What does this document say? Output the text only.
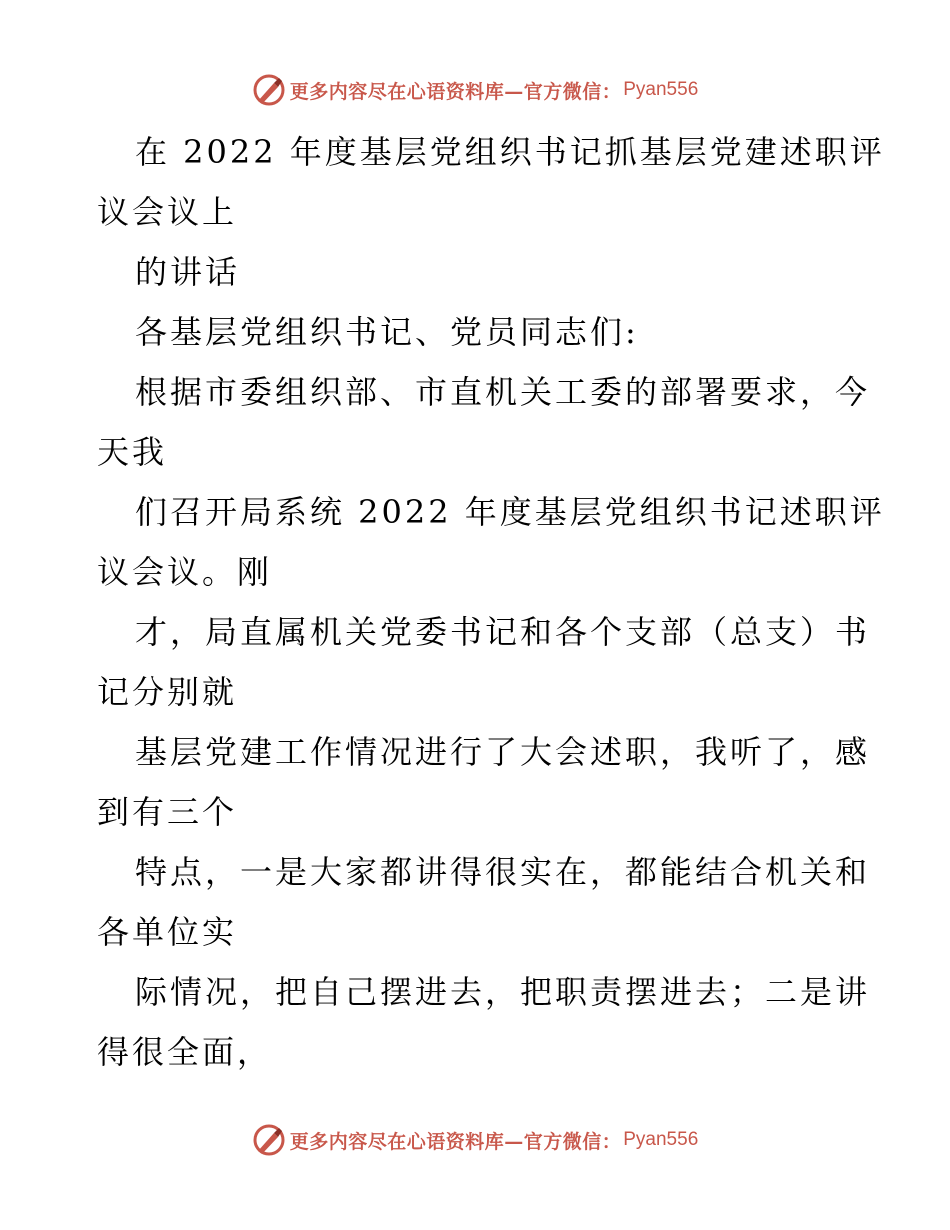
更多内容尽在心语资料库—官方微信： Pyan556
在 2022 年度基层党组织书记抓基层党建述职评
议会议上
的讲话
各基层党组织书记、党员同志们:
根据市委组织部、市直机关工委的部署要求，今
天我
们召开局系统 2022 年度基层党组织书记述职评
议会议。刚
才，局直属机关党委书记和各个支部（总支）书
记分别就
基层党建工作情况进行了大会述职，我听了，感
到有三个
特点，一是大家都讲得很实在，都能结合机关和
各单位实
际情况，把自己摆进去，把职责摆进去；二是讲
得很全面，
更多内容尽在心语资料库—官方微信： Pyan556
